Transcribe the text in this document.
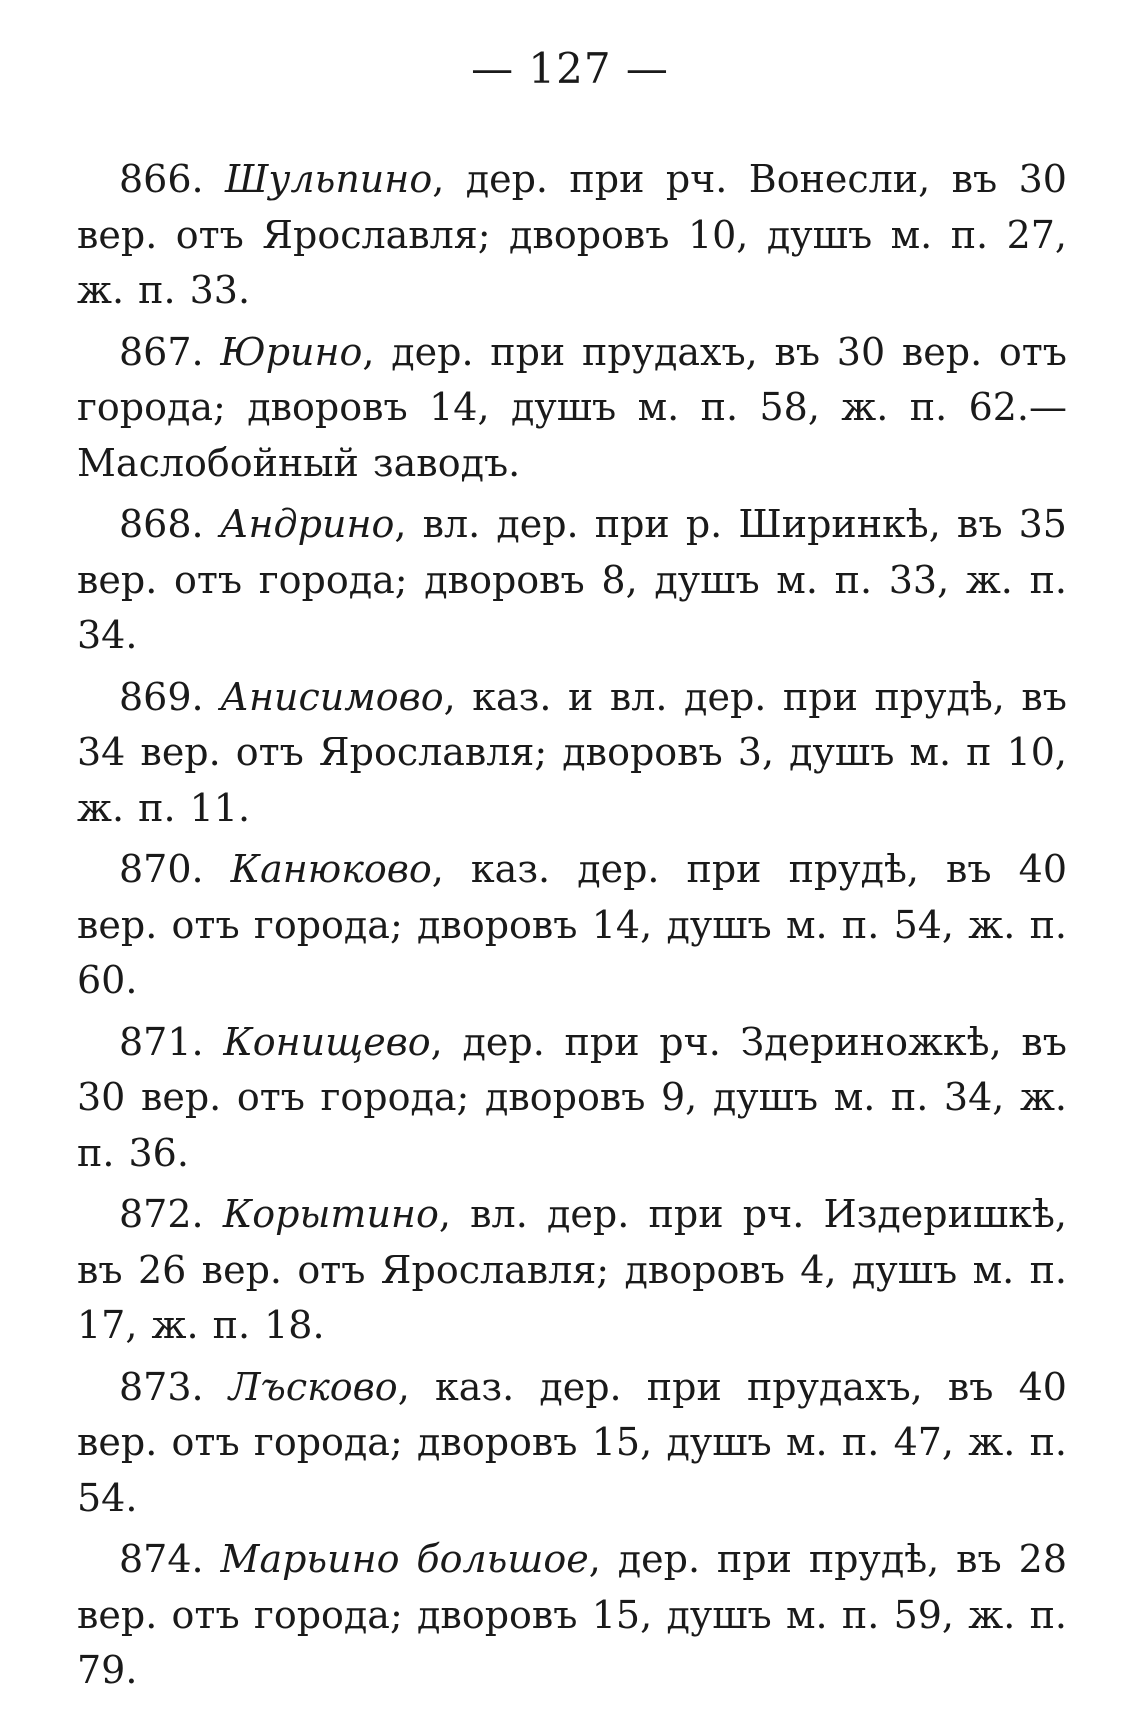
— 127 —

866. Шульпино, дер. при рч. Вонесли, въ 30 вер. отъ Ярославля; дворовъ 10, душъ м. п. 27, ж. п. 33.

867. Юрино, дер. при прудахъ, въ 30 вер. отъ города; дворовъ 14, душъ м. п. 58, ж. п. 62.—Маслобойный заводъ.

868. Андрино, вл. дер. при р. Ширинкѣ, въ 35 вер. отъ города; дворовъ 8, душъ м. п. 33, ж. п. 34.

869. Анисимово, каз. и вл. дер. при прудѣ, въ 34 вер. отъ Ярославля; дворовъ 3, душъ м. п 10, ж. п. 11.

870. Канюково, каз. дер. при прудѣ, въ 40 вер. отъ города; дворовъ 14, душъ м. п. 54, ж. п. 60.

871. Конищево, дер. при рч. Здериножкѣ, въ 30 вер. отъ города; дворовъ 9, душъ м. п. 34, ж. п. 36.

872. Корытино, вл. дер. при рч. Издеришкѣ, въ 26 вер. отъ Ярославля; дворовъ 4, душъ м. п. 17, ж. п. 18.

873. Лъсково, каз. дер. при прудахъ, въ 40 вер. отъ города; дворовъ 15, душъ м. п. 47, ж. п. 54.

874. Марьино большое, дер. при прудѣ, въ 28 вер. отъ города; дворовъ 15, душъ м. п. 59, ж. п. 79.
